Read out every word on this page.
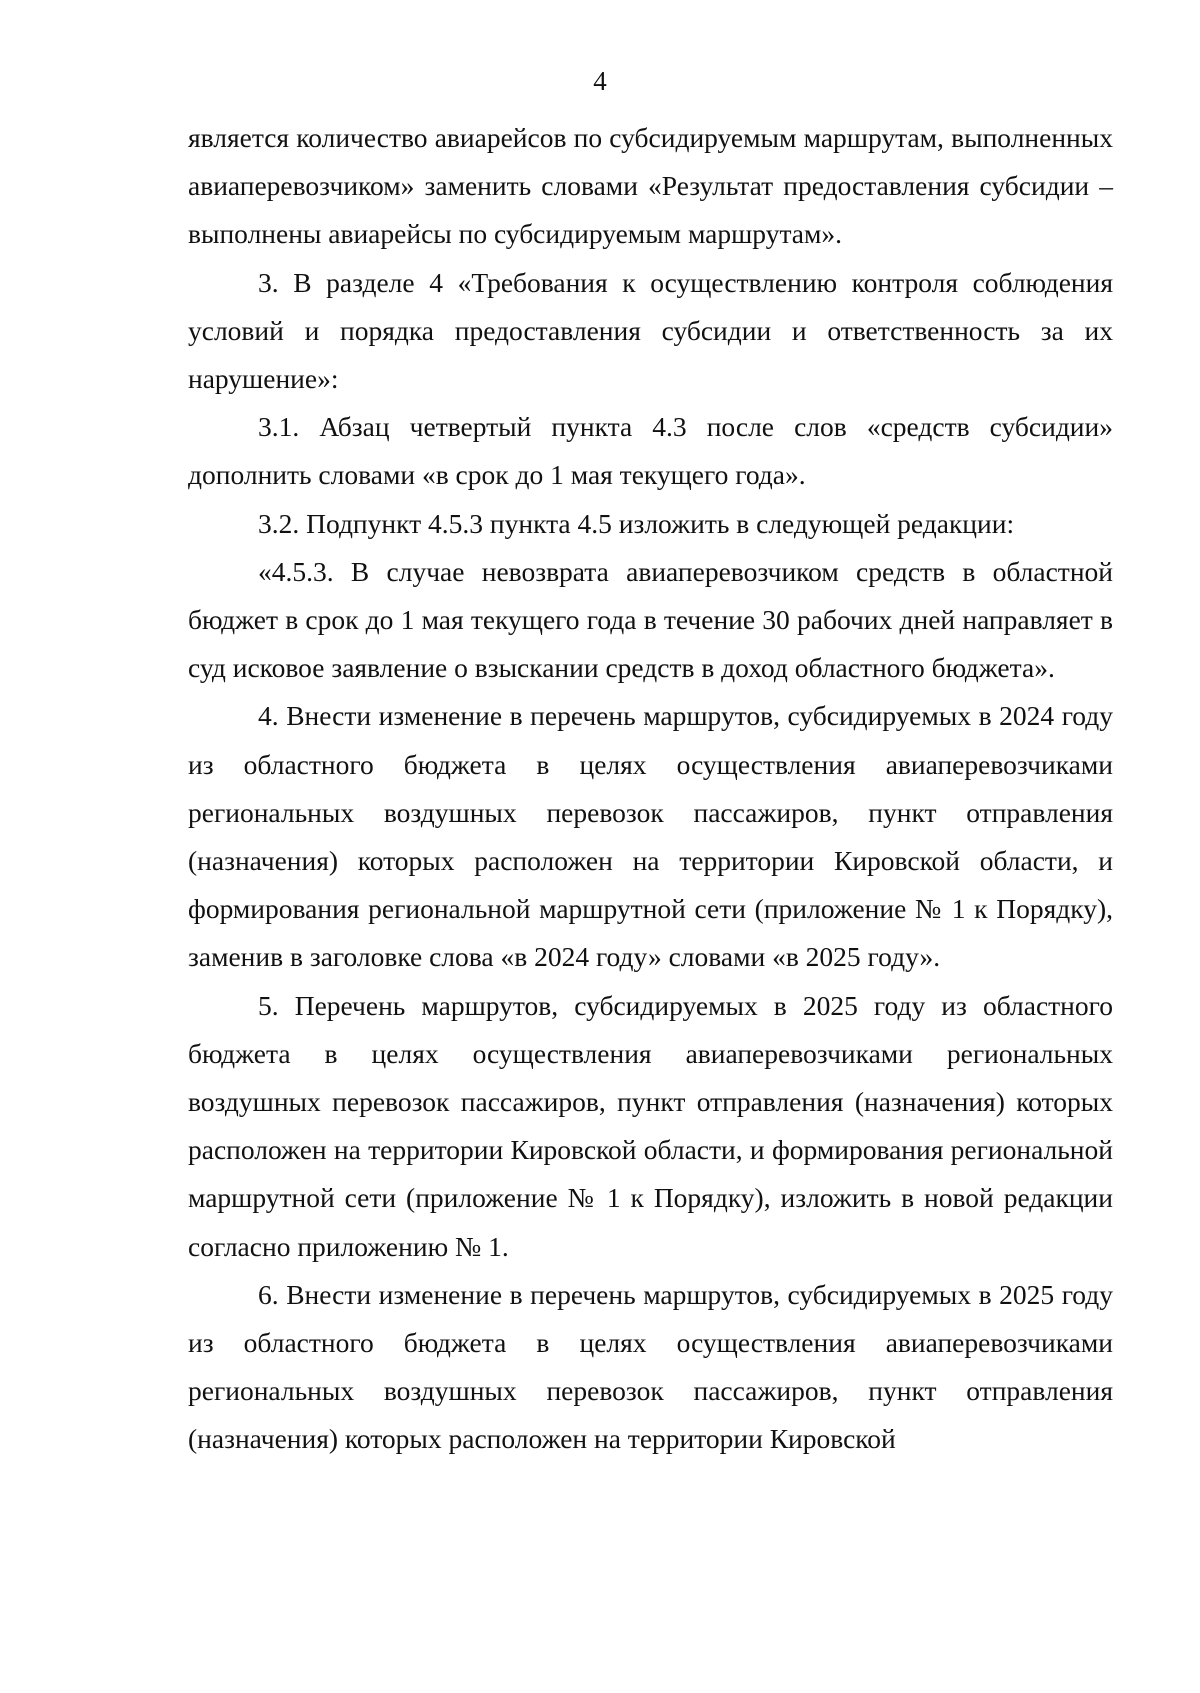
4

является количество авиарейсов по субсидируемым маршрутам, выполненных авиаперевозчиком» заменить словами «Результат предоставления субсидии – выполнены авиарейсы по субсидируемым маршрутам».

3. В разделе 4 «Требования к осуществлению контроля соблюдения условий и порядка предоставления субсидии и ответственность за их нарушение»:

3.1. Абзац четвертый пункта 4.3 после слов «средств субсидии» дополнить словами «в срок до 1 мая текущего года».

3.2. Подпункт 4.5.3 пункта 4.5 изложить в следующей редакции:

«4.5.3. В случае невозврата авиаперевозчиком средств в областной бюджет в срок до 1 мая текущего года в течение 30 рабочих дней направляет в суд исковое заявление о взыскании средств в доход областного бюджета».

4. Внести изменение в перечень маршрутов, субсидируемых в 2024 году из областного бюджета в целях осуществления авиаперевозчиками региональных воздушных перевозок пассажиров, пункт отправления (назначения) которых расположен на территории Кировской области, и формирования региональной маршрутной сети (приложение № 1 к Порядку), заменив в заголовке слова «в 2024 году» словами «в 2025 году».

5. Перечень маршрутов, субсидируемых в 2025 году из областного бюджета в целях осуществления авиаперевозчиками региональных воздушных перевозок пассажиров, пункт отправления (назначения) которых расположен на территории Кировской области, и формирования региональной маршрутной сети (приложение № 1 к Порядку), изложить в новой редакции согласно приложению № 1.

6. Внести изменение в перечень маршрутов, субсидируемых в 2025 году из областного бюджета в целях осуществления авиаперевозчиками региональных воздушных перевозок пассажиров, пункт отправления (назначения) которых расположен на территории Кировской
